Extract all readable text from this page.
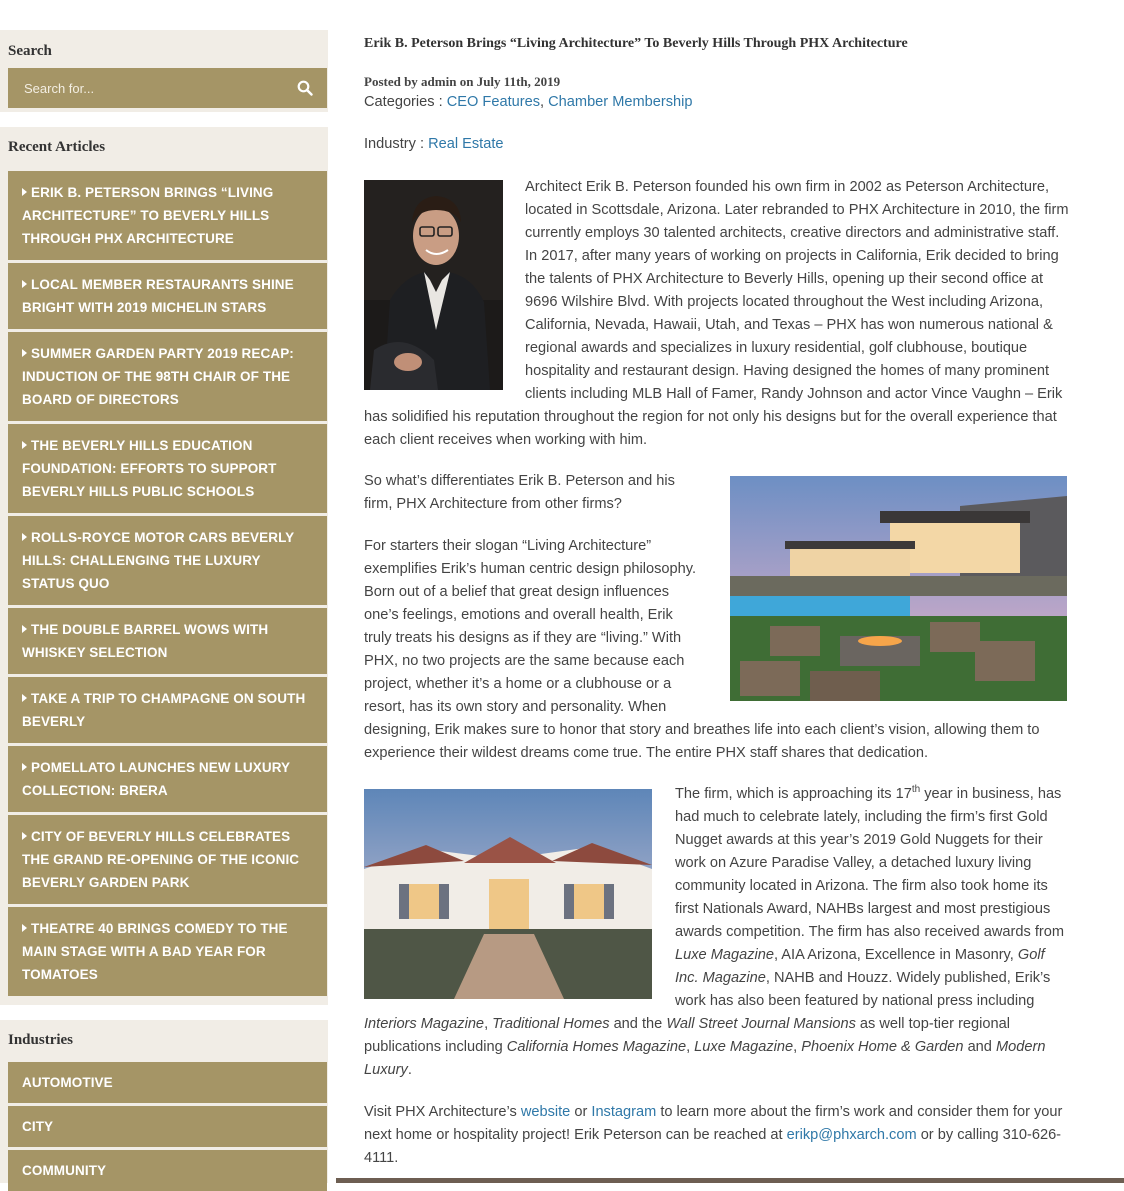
Search
Search for...
Recent Articles
ERIK B. PETERSON BRINGS “LIVING ARCHITECTURE” TO BEVERLY HILLS THROUGH PHX ARCHITECTURE
LOCAL MEMBER RESTAURANTS SHINE BRIGHT WITH 2019 MICHELIN STARS
SUMMER GARDEN PARTY 2019 RECAP: INDUCTION OF THE 98TH CHAIR OF THE BOARD OF DIRECTORS
THE BEVERLY HILLS EDUCATION FOUNDATION: EFFORTS TO SUPPORT BEVERLY HILLS PUBLIC SCHOOLS
ROLLS-ROYCE MOTOR CARS BEVERLY HILLS: CHALLENGING THE LUXURY STATUS QUO
THE DOUBLE BARREL WOWS WITH WHISKEY SELECTION
TAKE A TRIP TO CHAMPAGNE ON SOUTH BEVERLY
POMELLATO LAUNCHES NEW LUXURY COLLECTION: BRERA
CITY OF BEVERLY HILLS CELEBRATES THE GRAND RE-OPENING OF THE ICONIC BEVERLY GARDEN PARK
THEATRE 40 BRINGS COMEDY TO THE MAIN STAGE WITH A BAD YEAR FOR TOMATOES
Industries
AUTOMOTIVE
CITY
COMMUNITY
Erik B. Peterson Brings “Living Architecture” To Beverly Hills Through PHX Architecture
Posted by admin on July 11th, 2019
Categories : CEO Features, Chamber Membership
Industry : Real Estate
Architect Erik B. Peterson founded his own firm in 2002 as Peterson Architecture, located in Scottsdale, Arizona. Later rebranded to PHX Architecture in 2010, the firm currently employs 30 talented architects, creative directors and administrative staff. In 2017, after many years of working on projects in California, Erik decided to bring the talents of PHX Architecture to Beverly Hills, opening up their second office at 9696 Wilshire Blvd. With projects located throughout the West including Arizona, California, Nevada, Hawaii, Utah, and Texas – PHX has won numerous national & regional awards and specializes in luxury residential, golf clubhouse, boutique hospitality and restaurant design. Having designed the homes of many prominent clients including MLB Hall of Famer, Randy Johnson and actor Vince Vaughn – Erik has solidified his reputation throughout the region for not only his designs but for the overall experience that each client receives when working with him.
So what’s differentiates Erik B. Peterson and his firm, PHX Architecture from other firms?
For starters their slogan “Living Architecture” exemplifies Erik’s human centric design philosophy. Born out of a belief that great design influences one’s feelings, emotions and overall health, Erik truly treats his designs as if they are “living.” With PHX, no two projects are the same because each project, whether it’s a home or a clubhouse or a resort, has its own story and personality. When designing, Erik makes sure to honor that story and breathes life into each client’s vision, allowing them to experience their wildest dreams come true. The entire PHX staff shares that dedication.
The firm, which is approaching its 17th year in business, has had much to celebrate lately, including the firm’s first Gold Nugget awards at this year’s 2019 Gold Nuggets for their work on Azure Paradise Valley, a detached luxury living community located in Arizona. The firm also took home its first Nationals Award, NAHBs largest and most prestigious awards competition. The firm has also received awards from Luxe Magazine, AIA Arizona, Excellence in Masonry, Golf Inc. Magazine, NAHB and Houzz. Widely published, Erik’s work has also been featured by national press including Interiors Magazine, Traditional Homes and the Wall Street Journal Mansions as well top-tier regional publications including California Homes Magazine, Luxe Magazine, Phoenix Home & Garden and Modern Luxury.
Visit PHX Architecture’s website or Instagram to learn more about the firm’s work and consider them for your next home or hospitality project! Erik Peterson can be reached at erikp@phxarch.com or by calling 310-626-4111.
